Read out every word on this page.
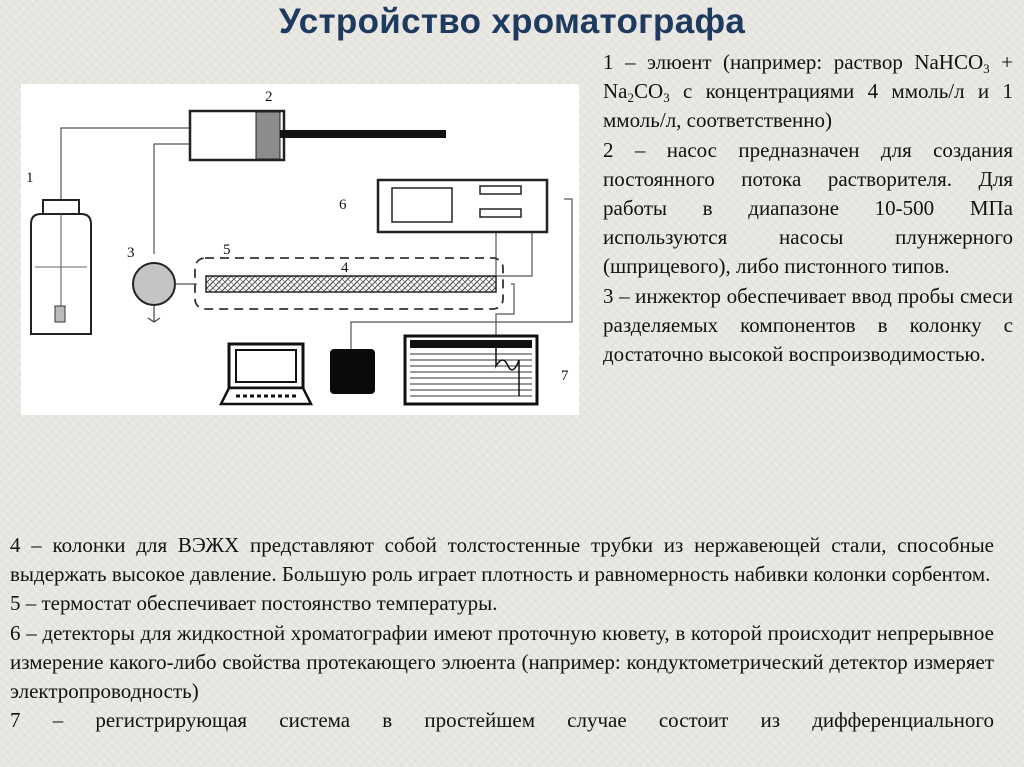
Устройство хроматографа
1
2
3
4
5
6
7

1 – элюент (например: раствор NaHCO$_3$ + $Na_2CO_3$ с концентрациями 4 ммоль/л и 1 ммоль/л, соответственно)

2 – насос предназначен для создания постоянного потока растворителя. Для работы в диапазоне 10-500 МПа используются насосы плунжерного (шприцевого), либо пистонного типов.

3 – инжектор обеспечивает ввод пробы смеси разделяемых компонентов в колонку с достаточно высокой воспроизводимостью.

4 – колонки для ВЭЖХ представляют собой толстостенные трубки из нержавеющей стали, способные выдержать высокое давление. Большую роль играет плотность и равномерность набивки колонки сорбентом.

5 – термостат обеспечивает постоянство температуры.

6 – детекторы для жидкостной хроматографии имеют проточную кювету, в которой происходит непрерывное измерение какого-либо свойства протекающего элюента (например: кондуктометрический детектор измеряет электропроводность)

7 – регистрирующая система в простейшем случае состоит из дифференциального
